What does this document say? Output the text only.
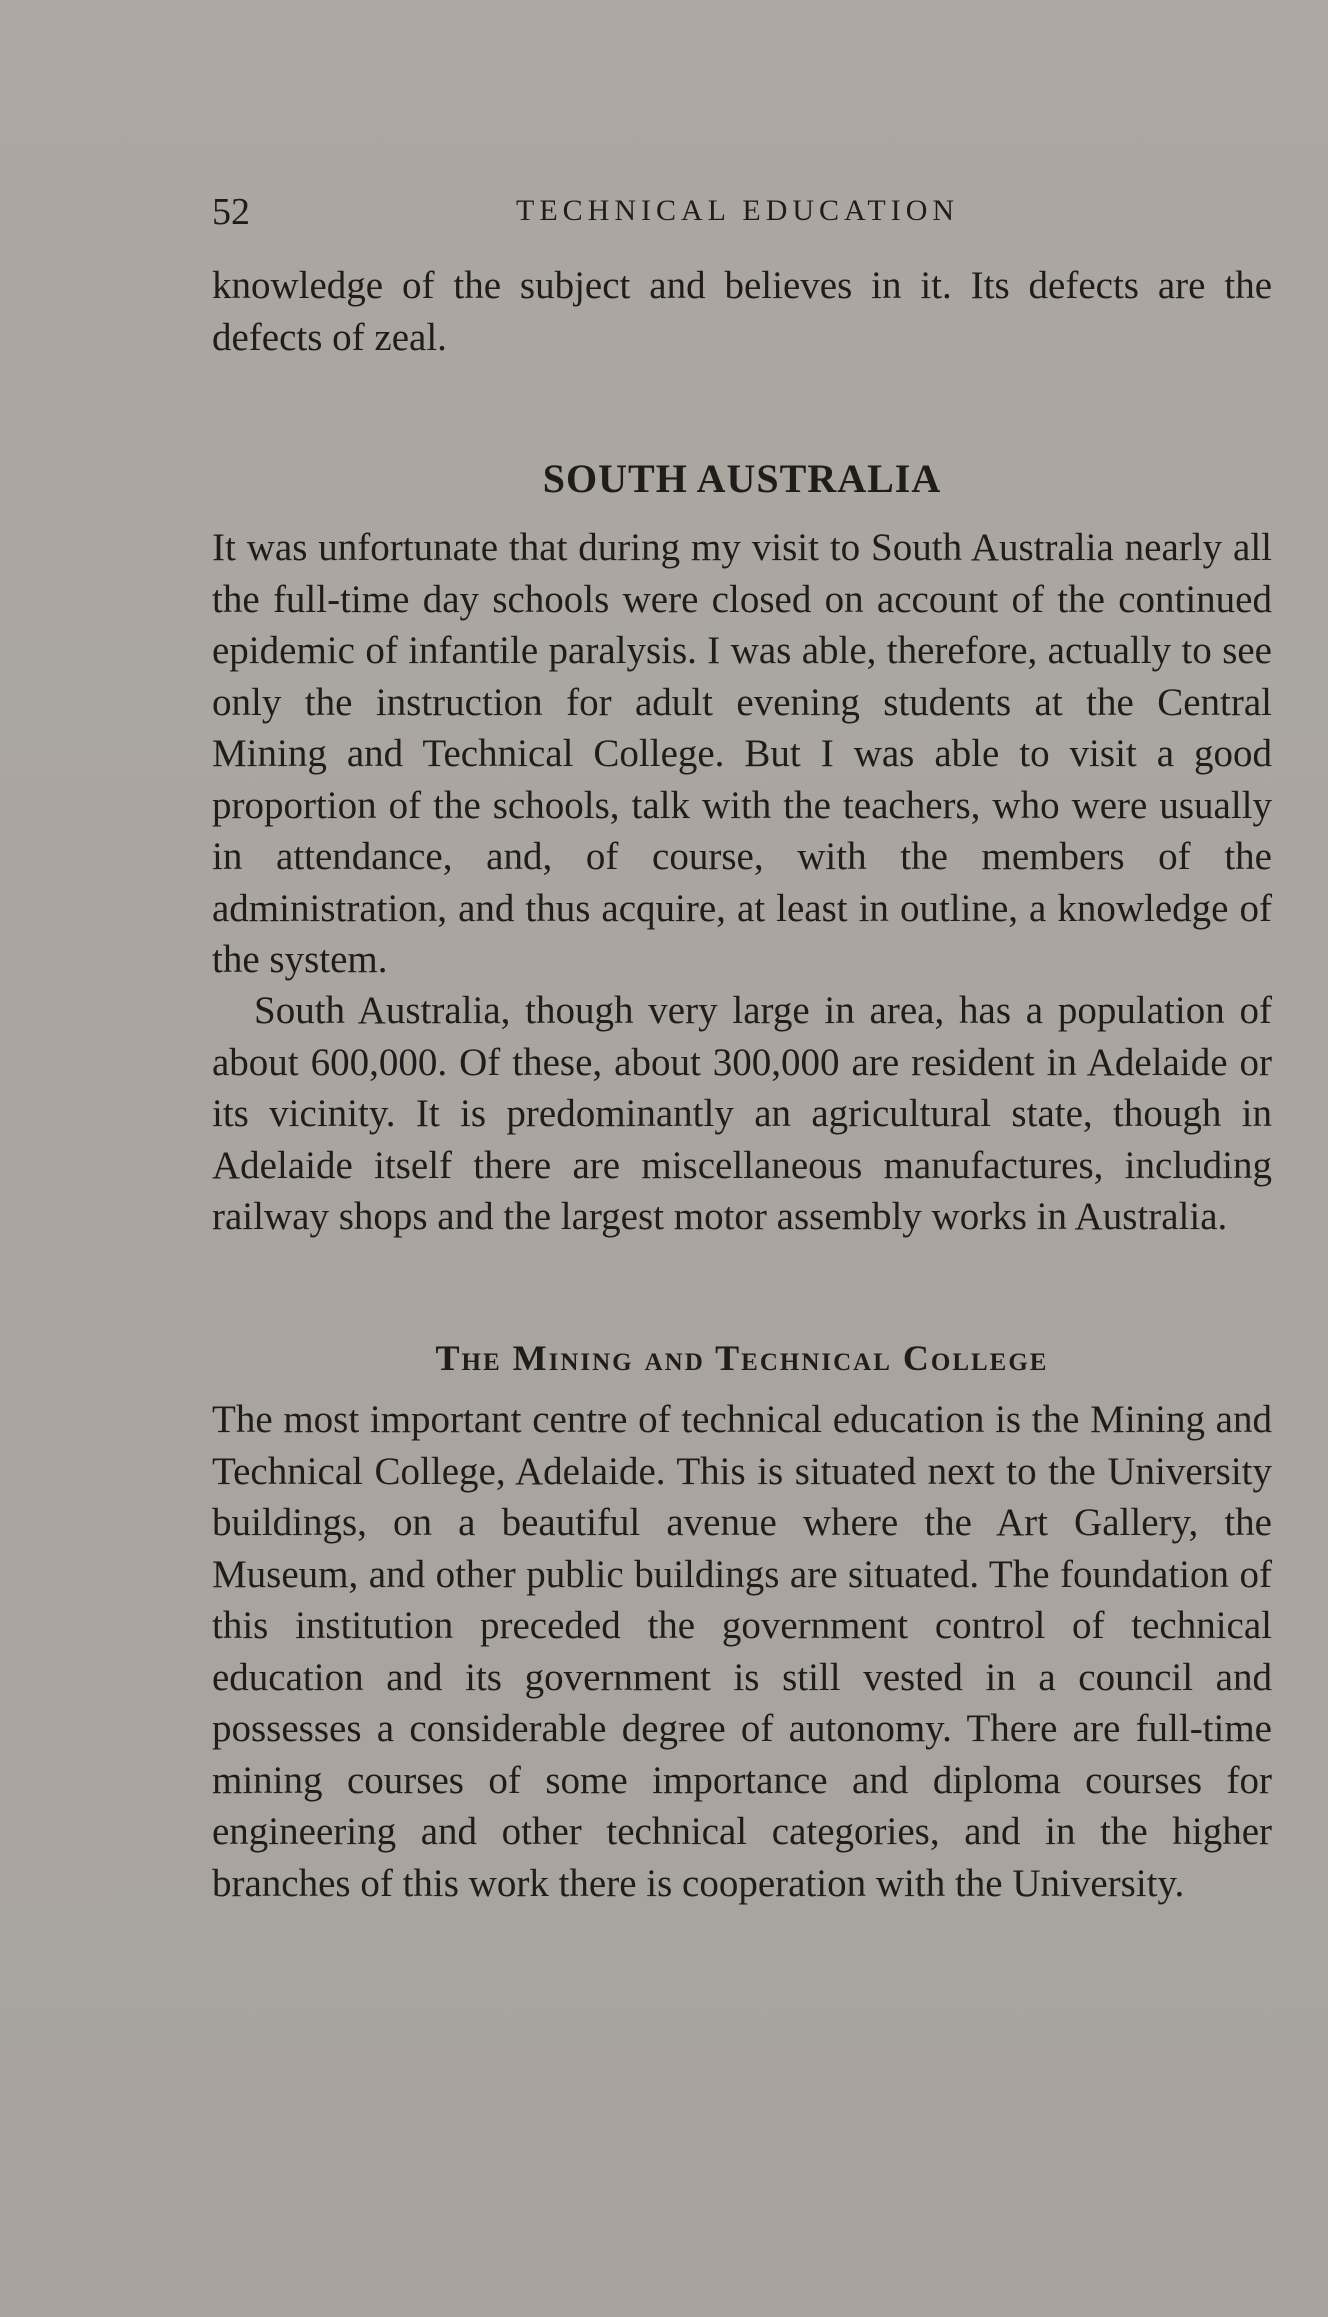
52	TECHNICAL EDUCATION

knowledge of the subject and believes in it. Its defects are the defects of zeal.

SOUTH AUSTRALIA

It was unfortunate that during my visit to South Australia nearly all the full-time day schools were closed on account of the continued epidemic of infantile paralysis. I was able, therefore, actually to see only the instruction for adult evening students at the Central Mining and Technical College. But I was able to visit a good proportion of the schools, talk with the teachers, who were usually in attendance, and, of course, with the members of the administration, and thus acquire, at least in outline, a knowledge of the system.

South Australia, though very large in area, has a population of about 600,000. Of these, about 300,000 are resident in Adelaide or its vicinity. It is predominantly an agricultural state, though in Adelaide itself there are miscellaneous manufactures, including railway shops and the largest motor assembly works in Australia.

The Mining and Technical College

The most important centre of technical education is the Mining and Technical College, Adelaide. This is situated next to the University buildings, on a beautiful avenue where the Art Gallery, the Museum, and other public buildings are situated. The foundation of this institution preceded the government control of technical education and its government is still vested in a council and possesses a considerable degree of autonomy. There are full-time mining courses of some importance and diploma courses for engineering and other technical categories, and in the higher branches of this work there is cooperation with the University.
